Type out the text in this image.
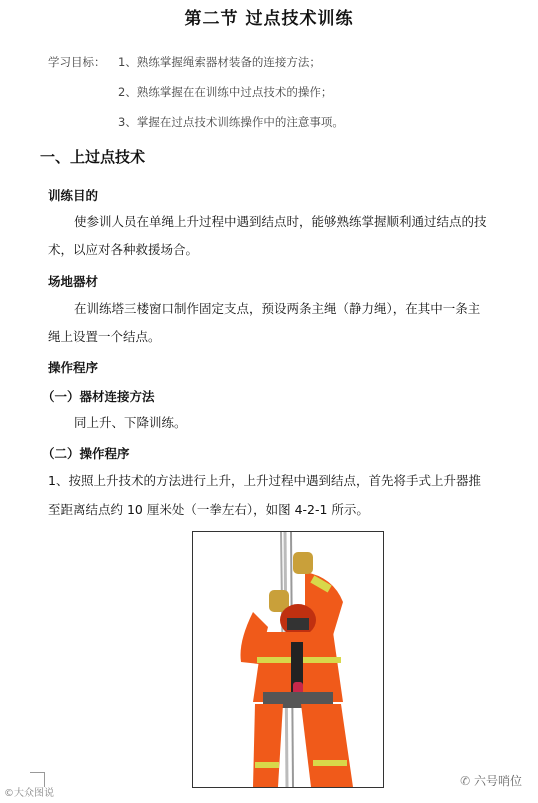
第二节 过点技术训练
学习目标： 1、熟练掌握绳索器材装备的连接方法；
2、熟练掌握在在训练中过点技术的操作；
3、掌握在过点技术训练操作中的注意事项。
一、上过点技术
训练目的
使参训人员在单绳上升过程中遇到结点时，能够熟练掌握顺利通过结点的技
术，以应对各种救援场合。
场地器材
在训练塔三楼窗口制作固定支点，预设两条主绳（静力绳），在其中一条主
绳上设置一个结点。
操作程序
（一）器材连接方法
同上升、下降训练。
（二）操作程序
1、按照上升技术的方法进行上升，上升过程中遇到结点，首先将手式上升器推
至距离结点约 10 厘米处（一拳左右），如图 4-2-1 所示。
©大众图说
✆ 六号哨位
